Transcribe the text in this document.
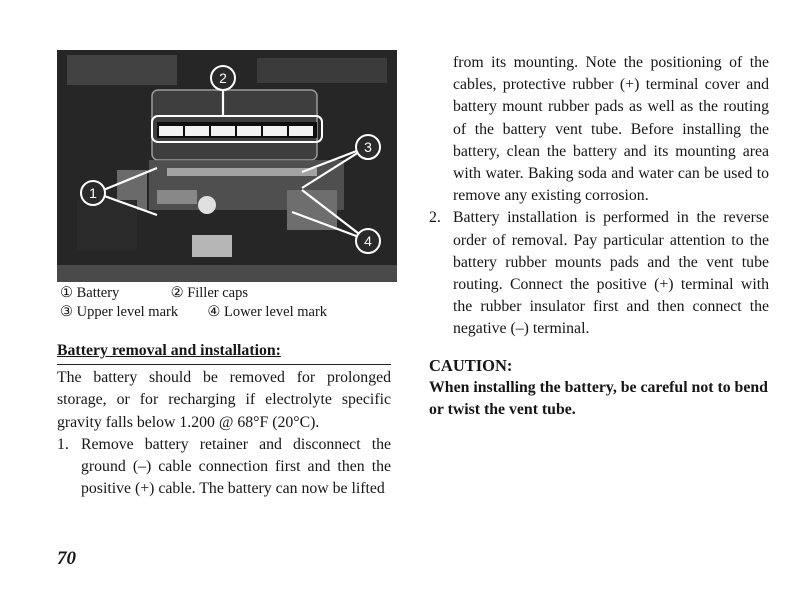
2
1
3
4
① Battery	② Filler caps
③ Upper level mark ④ Lower level mark
Battery removal and installation:
The battery should be removed for prolonged storage, or for recharging if electrolyte specific gravity falls below 1.200 @ 68°F (20°C).
1. Remove battery retainer and disconnect the ground (–) cable connection first and then the positive (+) cable. The battery can now be lifted
from its mounting. Note the positioning of the cables, protective rubber (+) terminal cover and battery mount rubber pads as well as the routing of the battery vent tube. Before installing the battery, clean the battery and its mounting area with water. Baking soda and water can be used to remove any existing corrosion.
2. Battery installation is performed in the reverse order of removal. Pay particular attention to the battery rubber mounts pads and the vent tube routing. Connect the positive (+) terminal with the rubber insulator first and then connect the negative (–) terminal.
CAUTION:
When installing the battery, be careful not to bend or twist the vent tube.
70
